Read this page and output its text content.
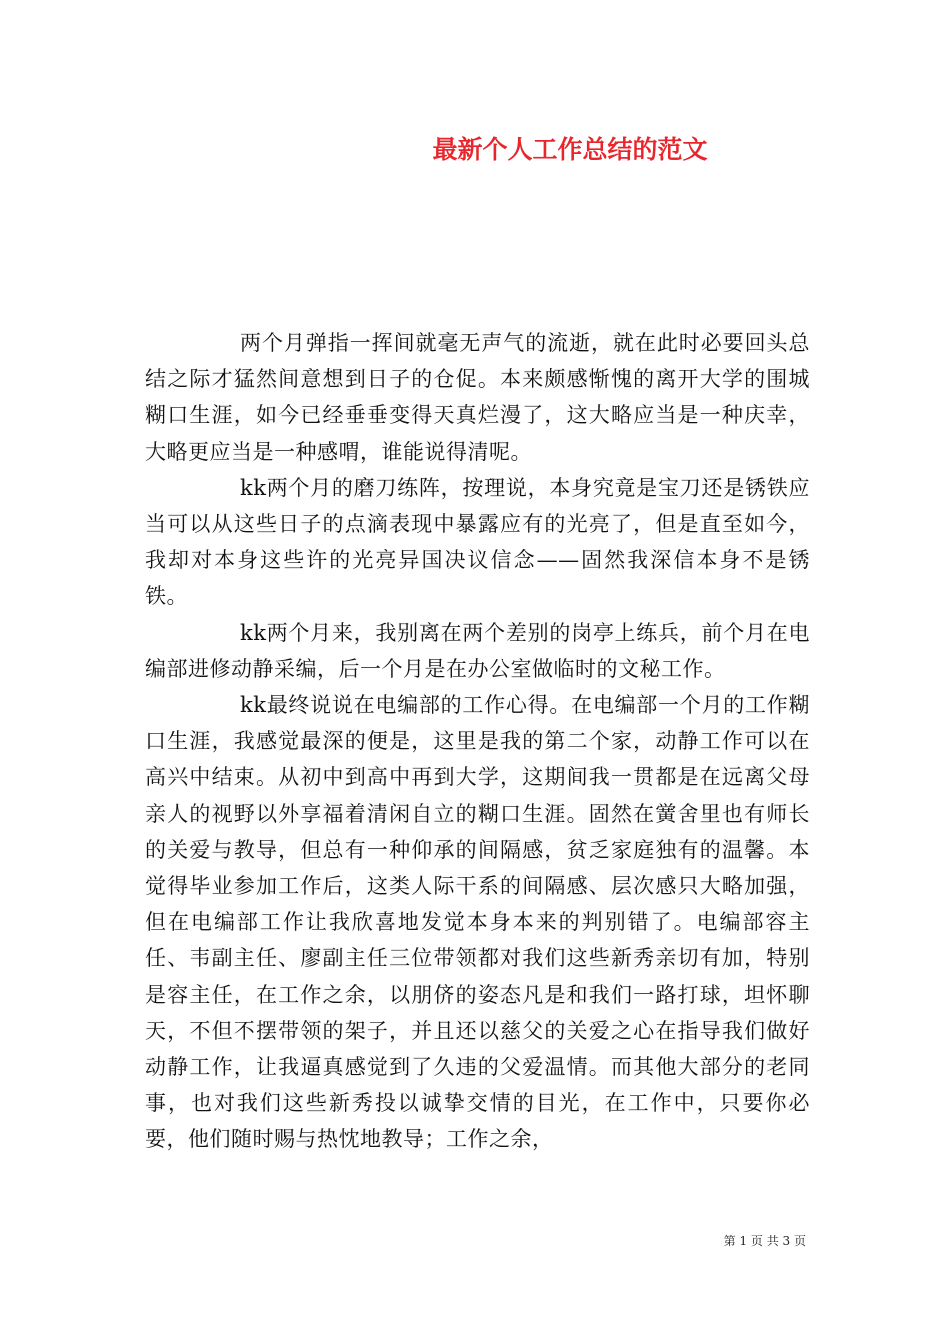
最新个人工作总结的范文

两个月弹指一挥间就毫无声气的流逝，就在此时必要回头总结之际才猛然间意想到日子的仓促。本来颇感惭愧的离开大学的围城糊口生涯，如今已经垂垂变得天真烂漫了，这大略应当是一种庆幸，大略更应当是一种感喟，谁能说得清呢。

kk两个月的磨刀练阵，按理说，本身究竟是宝刀还是锈铁应当可以从这些日子的点滴表现中暴露应有的光亮了，但是直至如今，我却对本身这些许的光亮异国决议信念——固然我深信本身不是锈铁。

kk两个月来，我别离在两个差别的岗亭上练兵，前个月在电编部进修动静采编，后一个月是在办公室做临时的文秘工作。

kk最终说说在电编部的工作心得。在电编部一个月的工作糊口生涯，我感觉最深的便是，这里是我的第二个家，动静工作可以在高兴中结束。从初中到高中再到大学，这期间我一贯都是在远离父母亲人的视野以外享福着清闲自立的糊口生涯。固然在黉舍里也有师长的关爱与教导，但总有一种仰承的间隔感，贫乏家庭独有的温馨。本觉得毕业参加工作后，这类人际干系的间隔感、层次感只大略加强，但在电编部工作让我欣喜地发觉本身本来的判别错了。电编部容主任、韦副主任、廖副主任三位带领都对我们这些新秀亲切有加，特别是容主任，在工作之余，以朋侪的姿态凡是和我们一路打球，坦怀聊天，不但不摆带领的架子，并且还以慈父的关爱之心在指导我们做好动静工作，让我逼真感觉到了久违的父爱温情。而其他大部分的老同事，也对我们这些新秀投以诚挚交情的目光，在工作中，只要你必要，他们随时赐与热忱地教导；工作之余，

第 1 页 共 3 页
